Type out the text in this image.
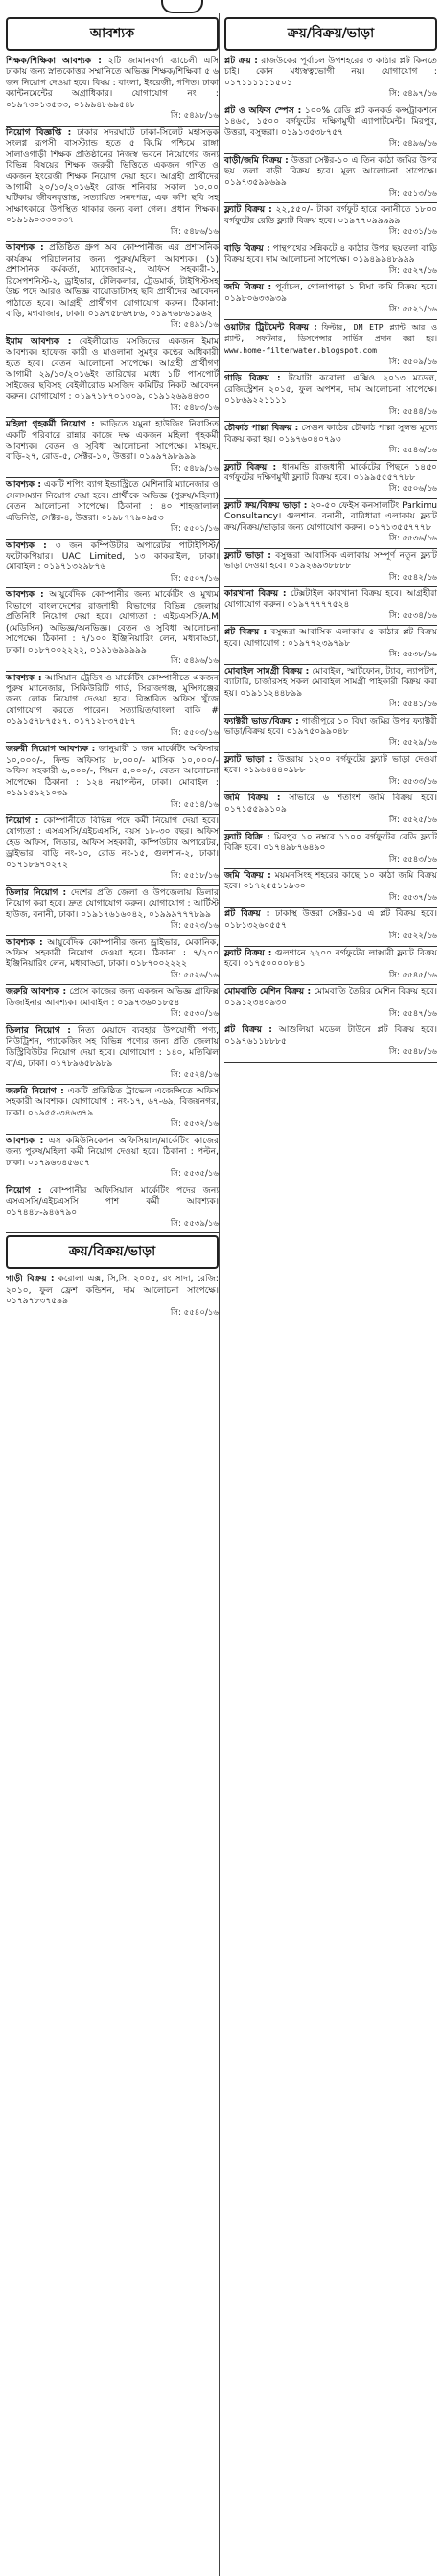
আবশ্যক
শিক্ষক/শিক্ষিকা আবশ্যক : ২টি জামানবর্গা ব্যাচেলী এসি ঢাকায় জন্য স্নাতকোত্তর সম্মানিতে অভিজ্ঞ শিক্ষক/শিক্ষিকা ৫ ৬ জন নিয়োগ দেওয়া হবে। বিষয় : বাংলা, ইংরেজী, গণিত। ঢাকা ক্যান্টনমেন্টের অগ্রাধিকার। যোগাযোগ নং : ০১৯৭৩০১৩৫৩৩, ০১৯৯৪৮৬৯৫৪৮
সি: ৫৪৯৮/১৬
নিয়োগ বিজ্ঞপ্তি : ঢাকার সদরঘাটে ঢাকা-সিলেট মহাসড়ক সংলগ্ন রূপসী বাসস্ট্যান্ড হতে ৫ কি.মি পশ্চিমে রাঙ্গা সালাওগাড়ী শিক্ষক প্রতিষ্ঠানের নিজস্ব ভবনে নিয়োগের জন্য বিভিন্ন বিষয়ের শিক্ষক জরুরী ভিত্তিতে একজন গণিত ও একজন ইংরেজী শিক্ষক নিয়োগ দেয়া হবে। আগ্রহী প্রার্থীদের আগামী ২০/১০/২০১৬ইং রোজ শনিবার সকাল ১০.০০ ঘটিকায় জীবনবৃত্তান্ত, সত্যায়িত সনদপত্র, এক কপি ছবি সহ সাক্ষাৎকারে উপস্থিত থাকার জন্য বলা গেল। প্রধান শিক্ষক। ০১৯১৯০৩৩০৩৩৭
সি: ৫৪৮৬/১৬
আবশ্যক : প্রতিষ্ঠিত গ্রুপ অব কোম্পানীজ এর প্রশাসনিক কার্যক্রম পরিচালনার জন্য পুরুষ/মহিলা আবশ্যক। (১) প্রশাসনিক কর্মকর্তা, ম্যানেজার-২, অফিস সহকারী-১, রিসেপশনিস্ট-২, ড্রাইভার, টেলিকলার, ট্রেডমার্ক, টাইপিস্টসহ উচ্চ পদে আরও অভিজ্ঞ বায়োডাটাসহ ছবি প্রার্থীদের আবেদন পাঠাতে হবে। আগ্রহী প্রার্থীগণ যোগাযোগ করুন। ঠিকানা: বাড়ি, মগবাজার, ঢাকা। ০১৯৭৫৮৬৭৮৬, ০১৯৭৬৮৬১৯৬২
সি: ৫৪৯১/১৬
ইমাম আবশ্যক : বেইলীরোড মসজিদের একজন ইমাম আবশ্যক। হাফেজ কারী ও মাওলানা সুমধুর কণ্ঠের অধিকারী হতে হবে। বেতন আলোচনা সাপেক্ষে। আগ্রহী প্রার্থীগণ আগামী ২৯/১০/২০১৬ইং তারিখের মধ্যে ১টি পাসপোর্ট সাইজের ছবিসহ বেইলীরোড মসজিদ কমিটির নিকট আবেদন করুন। যোগাযোগ : ০১৯৭১৮৭০১৩০৯, ০১৯১২৬৯৪৪৩০
সি: ৫৪৮৩/১৬
মহিলা গৃহকর্মী নিয়োগ : ভাড়িতে যমুনা হাউজিং নিবাসিত একটি পরিবারে রান্নার কাজে দক্ষ একজন মহিলা গৃহকর্মী আবশ্যক। বেতন ও সুবিধা আলোচনা সাপেক্ষে। মাহমুদ, বাড়ি-২৭, রোড-৫, সেক্টর-১০, উত্তরা। ০১৯৯৭৯৮৯৯৯
সি: ৫৪৮৯/১৬
আবশ্যক : একটি শপিং ব্যাগ ইন্ডাস্ট্রিতে মেশিনারি ম্যানেজার ও সেলসম্যান নিয়োগ দেয়া হবে। প্রার্থীকে অভিজ্ঞ (পুরুষ/মহিলা) বেতন আলোচনা সাপেক্ষে। ঠিকানা : ৪০ শাহজালাল এভিনিউ, সেক্টর-৪, উত্তরা। ০১৯৮৭৭৯০৯৫৩
সি: ৫৫০১/১৬
আবশ্যক : ৩ জন কম্পিউটার অপারেটর পাটাইপিস্ট/ফটোকপিয়ার। UAC Limited, ১৩ কাকরাইল, ঢাকা। মোবাইল : ০১৯৭১৩২৯৮৭৬
সি: ৫৫০৭/১৬
আবশ্যক : আয়ুর্বেদিক কোম্পানীর জন্য মার্কেটিং ও মুখ্যম বিভাগে বাংলাদেশের রাজশাহী বিভাগের বিভিন্ন জেলায় প্রতিনিধি নিয়োগ দেয়া হবে। যোগ্যতা : এইচএসসি/A.M (মেডিসিন) অভিজ্ঞ/অনভিজ্ঞ। বেতন ও সুবিধা আলোচনা সাপেক্ষে। ঠিকানা : ৭/১০০ ইঞ্জিনিয়ারিং লেন, মধ্যবাড্ডা, ঢাকা। ০১৮৭০০২২২২, ০১৯১৬৯৯৯৯৯
সি: ৫৪৯৬/১৬
আবশ্যক : আসিয়ান ট্রেডিং ও মার্কেটিং কোম্পানীতে একজন পুরুষ ম্যানেজার, সিকিউরিটি গার্ড, সিরাজগঞ্জ, মুন্সিগঞ্জের জন্য লোক নিয়োগ দেওয়া হবে। বিস্তারিত অফিস খুঁজে যোগাযোগ করতে পারেন। সত্যায়িত/বাংলা বাকি # ০১৯১৫৭৮৭৫২৭, ০১৭১২৮৩৭৫৮৭
সি: ৫৫০৩/১৬
জরুরী নিয়োগ আবশ্যক : জানুয়ারী ১ জন মার্কেটিং অফিসার ১০,০০০/-, ফিল্ড অফিসার ৮,০০০/- মাসিক ১০,০০০/- অফিস সহকারী ৬,০০০/-, পিয়ন ৫,০০০/-, বেতন আলোচনা সাপেক্ষে। ঠিকানা : ১২৪ নয়াপল্টন, ঢাকা। মোবাইল : ০১৯১৫৯২১০৩৯
সি: ৫৫১৪/১৬
নিয়োগ : কোম্পানীতে বিভিন্ন পদে কর্মী নিয়োগ দেয়া হবে। যোগ্যতা : এসএসসি/এইচএসসি, বয়স ১৮-৩০ বছর। অফিস হেড অফিস, লিডার, অফিস সহকারী, কম্পিউটার অপারেটর, ড্রাইভার। বাড়ি নং-১০, রোড নং-১৫, গুলশান-২, ঢাকা। ০১৭১৮৬৭০২৭২
সি: ৫৫১৮/১৬
ডিলার নিয়োগ : দেশের প্রতি জেলা ও উপজেলায় ডিলার নিয়োগ করা হবে। দ্রুত যোগাযোগ করুন। যোগাযোগ : আর্টিস্ট হাউজ, বনানী, ঢাকা। ০১৯১৭৬১৬০৪২, ০১৯৯৯৭৭৭৮৯৯
সি: ৫৫২৩/১৬
আবশ্যক : আয়ুর্বেদিক কোম্পানীর জন্য ড্রাইভার, মেকানিক, অফিস সহকারী নিয়োগ দেওয়া হবে। ঠিকানা : ৭/২০০ ইঞ্জিনিয়ারিং লেন, মধ্যবাড্ডা, ঢাকা। ০১৮৭০০২২২২
সি: ৫৫২৬/১৬
জরুরি আবশ্যক : প্রেসে কাজের জন্য একজন অভিজ্ঞ গ্রাফিক্স ডিজাইনার আবশ্যক। মোবাইল : ০১৯৭৩৬০১৮৫৪
সি: ৫৫৩০/১৬
ডিলার নিয়োগ : নিত্য মেয়াদে ব্যবহার উপযোগী পণ্য, নিউট্রিশন, প্যাকেজিং সহ বিভিন্ন পণ্যের জন্য প্রতি জেলায় ডিস্ট্রিবিউটর নিয়োগ দেয়া হবে। যোগাযোগ : ১৪০, মতিঝিল বা/এ, ঢাকা। ০১৭৮৯৬৫৮৯৮৯
সি: ৫৫২৪/১৬
জরুরি নিয়োগ : একটি প্রতিষ্ঠিত ট্রাভেল এজেন্সিতে অফিস সহকারী আবশ্যক। যোগাযোগ : নং-১৭, ৬৭-৬৯, বিজয়নগর, ঢাকা। ০১৯৫৫-৩৪৬৩৭৯
সি: ৫৫৩২/১৬
আবশ্যক : এস কমিউনিকেশন অফিসিয়াল/মার্কেটিং কাজের জন্য পুরুষ/মহিলা কর্মী নিয়োগ দেওয়া হবে। ঠিকানা : পল্টন, ঢাকা। ০১৭৯৬৩৪৫৬৫৭
সি: ৫৫৩৫/১৬
নিয়োগ : কোম্পানীর অফিসিয়াল মার্কেটিং পদের জন্য এসএসসি/এইচএসসি পাশ কর্মী আবশ্যক। ০১৭৪৪৮-৯৪৬৭৯০
সি: ৫৫৩৯/১৬
ক্রয়/বিক্রয়/ভাড়া
গাড়ী বিক্রয় : করোলা এক্স, সি,সি, ২০০৫, রং সাদা, রেজি: ২০১০, ফুল ফ্রেশ কন্ডিশন, দাম আলোচনা সাপেক্ষে। ০১৭৯৭৮৩৭৫৯৯
সি: ৫৫৪০/১৬
ক্রয়/বিক্রয়/ভাড়া
প্লট ক্রয় : রাজউকের পূর্বাচল উপশহরের ৩ কাঠার প্লট কিনতে চাই। কোন মধ্যস্বত্বভোগী নয়। যোগাযোগ : ০১৭১১১১১১৫০১
সি: ৫৪৯৭/১৬
প্লট ও অফিস স্পেস : ১০০% রেডি প্লট কনকর্ড কন্সট্রাকশনে ১৪৬৫, ১৫০০ বর্গফুটের দক্ষিণমুখী এ্যাপার্টমেন্ট। মিরপুর, উত্তরা, বসুন্ধরা। ০১৯১৩৫৩৮৭৫৭
সি: ৫৪৯৬/১৬
বাড়ী/জমি বিক্রয় : উত্তরা সেক্টর-১০ এ তিন কাঠা জমির উপর ছয় তলা বাড়ী বিক্রয় হবে। মূল্য আলোচনা সাপেক্ষে। ০১৯৭৩৫৯৯৬৯৯
সি: ৫৫১৩/১৬
ফ্ল্যাট বিক্রয় : ২২,৫৫০/- টাকা বর্গফুট হারে বনানীতে ১৮০০ বর্গফুটের রেডি ফ্ল্যাট বিক্রয় হবে। ০১৯৭৭০৯৯৯৯৯
সি: ৫৫৩১/১৬
বাড়ি বিক্রয় : পান্থপথের সন্নিকটে ৪ কাঠার উপর ছয়তলা বাড়ি বিক্রয় হবে। দাম আলোচনা সাপেক্ষে। ০১৯৪৯৯৪৮৯৯৯
সি: ৫৫২৭/১৬
জমি বিক্রয় : পূর্বাচল, গোলাপাড়া ১ বিঘা জমি বিক্রয় হবে। ০১৯৮০৬৩৩৯৩৯
সি: ৫৫২১/১৬
ওয়াটার ট্রিটমেন্ট বিক্রয় : ফিল্টার, DM ETP প্ল্যান্ট আর ও প্ল্যান্ট, সফটনার, ডিসপেন্সার সার্ভিস প্রদান করা হয়। www.home-filterwater.blogspot.com
সি: ৫৫০৯/১৬
গাড়ি বিক্রয় : টয়োটা করোলা এক্সিও ২০১৩ মডেল, রেজিস্ট্রেশন ২০১৫, ফুল অপশন, দাম আলোচনা সাপেক্ষে। ০১৮৬৯২২১১১১
সি: ৫৫৪৪/১৬
চৌকাঠ পাল্লা বিক্রয় : সেগুন কাঠের চৌকাঠ পাল্লা সুলভ মূল্যে বিক্রয় করা হয়। ০১৯৭৬০৪০৭৯৩
সি: ৫৫৪৬/১৬
ফ্ল্যাট বিক্রয় : ধানমন্ডি রাজধানী মার্কেটের পিছনে ১৪৫০ বর্গফুটের দক্ষিণমুখী ফ্ল্যাট বিক্রয় হবে। ০১৯৯৫৫৫৭৭৮৮
সি: ৫৫০৬/১৬
ফ্ল্যাট ক্রয়/বিক্রয় ভাড়া : ২০-৫০ ফেইস কনসালটিং Parkimu Consultancy। গুলশান, বনানী, বারিধারা এলাকায় ফ্ল্যাট ক্রয়/বিক্রয়/ভাড়ার জন্য যোগাযোগ করুন। ০১৭১৩৫৫৭৭৭৮
সি: ৫৫৩৬/১৬
ফ্ল্যাট ভাড়া : বসুন্ধরা আবাসিক এলাকায় সম্পূর্ণ নতুন ফ্ল্যাট ভাড়া দেওয়া হবে। ০১৯২৬৯৩৮৮৮৮
সি: ৫৫৪২/১৬
কারখানা বিক্রয় : টেক্সটাইল কারখানা বিক্রয় হবে। আগ্রহীরা যোগাযোগ করুন। ০১৯৭৭৭৭৭৫২৪
সি: ৫৫৩৪/১৬
প্লট বিক্রয় : বসুন্ধরা আবাসিক এলাকায় ৫ কাঠার প্লট বিক্রয় হবে। যোগাযোগ : ০১৯৭৭২৩৯৭৯৮
সি: ৫৫৩৮/১৬
মোবাইল সামগ্রী বিক্রয় : মোবাইল, স্মার্টফোন, ট্যাব, ল্যাপটপ, ব্যাটারি, চার্জারসহ সকল মোবাইল সামগ্রী পাইকারী বিক্রয় করা হয়। ০১৯১১২৪৪৮৯৯
সি: ৫৫৪১/১৬
ফ্যাক্টরী ভাড়া/বিক্রয় : গাজীপুরে ১০ বিঘা জমির উপর ফ্যাক্টরী ভাড়া/বিক্রয় হবে। ০১৯৭৫০৯৯০৪৮
সি: ৫৫২৯/১৬
ফ্ল্যাট ভাড়া : উত্তরায় ১২০০ বর্গফুটের ফ্ল্যাট ভাড়া দেওয়া হবে। ০১৯৬৪৪৪০৯৮৮
সি: ৫৫৩৩/১৬
জমি বিক্রয় : সাভারে ৬ শতাংশ জমি বিক্রয় হবে। ০১৭১৫৫৯৯১০৯
সি: ৫৫২৫/১৬
ফ্ল্যাট বিক্রি : মিরপুর ১০ নম্বরে ১১০০ বর্গফুটের রেডি ফ্ল্যাট বিক্রি হবে। ০১৭৪৯৮৭৬৪৯০
সি: ৫৫৪৩/১৬
জমি বিক্রয় : ময়মনসিংহ শহরের কাছে ১০ কাঠা জমি বিক্রয় হবে। ০১৭২৫৫১১৯৩০
সি: ৫৫৩৭/১৬
প্লট বিক্রয় : ঢাকাস্থ উত্তরা সেক্টর-১৫ এ প্লট বিক্রয় হবে। ০১৮১৩২৬০৫৫৭
সি: ৫৫২২/১৬
ফ্ল্যাট বিক্রয় : গুলশানে ২২০০ বর্গফুটের লাক্সারী ফ্ল্যাট বিক্রয় হবে। ০১৭৫০০০০৮৪১
সি: ৫৫৪৫/১৬
মোমবাতি মেশিন বিক্রয় : মোমবাতি তৈরির মেশিন বিক্রয় হবে। ০১৯১২৩৪০৯৩০
সি: ৫৫৪৭/১৬
প্লট বিক্রয় : আশুলিয়া মডেল টাউনে প্লট বিক্রয় হবে। ০১৯৭৬১১৮৮৮৫
সি: ৫৫৪৮/১৬
